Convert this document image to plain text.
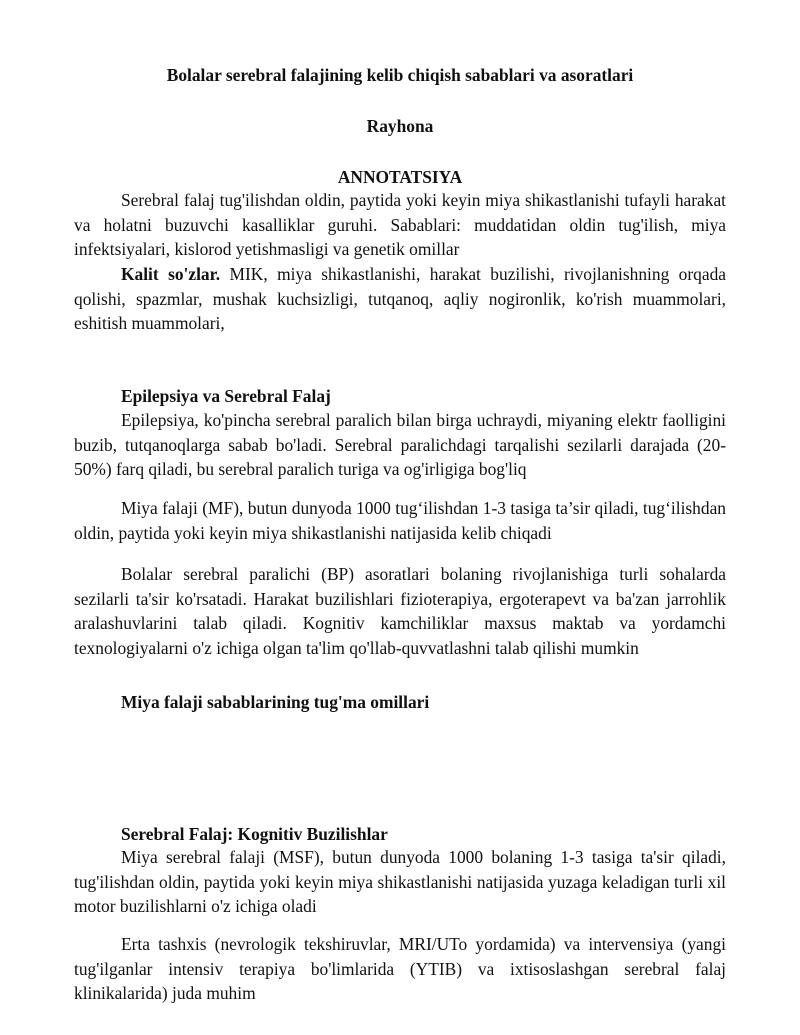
Bolalar serebral falajining kelib chiqish sabablari va asoratlari
Rayhona
ANNOTATSIYA

Serebral falaj tug'ilishdan oldin, paytida yoki keyin miya shikastlanishi tufayli harakat va holatni buzuvchi kasalliklar guruhi. Sabablari: muddatidan oldin tug'ilish, miya infektsiyalari, kislorod yetishmasligi va genetik omillar

Kalit so'zlar. MIK, miya shikastlanishi, harakat buzilishi, rivojlanishning orqada qolishi, spazmlar, mushak kuchsizligi, tutqanoq, aqliy nogironlik, ko'rish muammolari, eshitish muammolari,

Epilepsiya va Serebral Falaj

Epilepsiya, ko'pincha serebral paralich bilan birga uchraydi, miyaning elektr faolligini buzib, tutqanoqlarga sabab bo'ladi. Serebral paralichdagi tarqalishi sezilarli darajada (20-50%) farq qiladi, bu serebral paralich turiga va og'irligiga bog'liq

Miya falaji (MF), butun dunyoda 1000 tug‘ilishdan 1-3 tasiga ta’sir qiladi, tug‘ilishdan oldin, paytida yoki keyin miya shikastlanishi natijasida kelib chiqadi

Bolalar serebral paralichi (BP) asoratlari bolaning rivojlanishiga turli sohalarda sezilarli ta'sir ko'rsatadi. Harakat buzilishlari fizioterapiya, ergoterapevt va ba'zan jarrohlik aralashuvlarini talab qiladi. Kognitiv kamchiliklar maxsus maktab va yordamchi texnologiyalarni o'z ichiga olgan ta'lim qo'llab-quvvatlashni talab qilishi mumkin

Miya falaji sabablarining tug'ma omillari

Serebral Falaj: Kognitiv Buzilishlar

Miya serebral falaji (MSF), butun dunyoda 1000 bolaning 1-3 tasiga ta'sir qiladi, tug'ilishdan oldin, paytida yoki keyin miya shikastlanishi natijasida yuzaga keladigan turli xil motor buzilishlarni o'z ichiga oladi

Erta tashxis (nevrologik tekshiruvlar, MRI/UTo yordamida) va intervensiya (yangi tug'ilganlar intensiv terapiya bo'limlarida (YTIB) va ixtisoslashgan serebral falaj klinikalarida) juda muhim
